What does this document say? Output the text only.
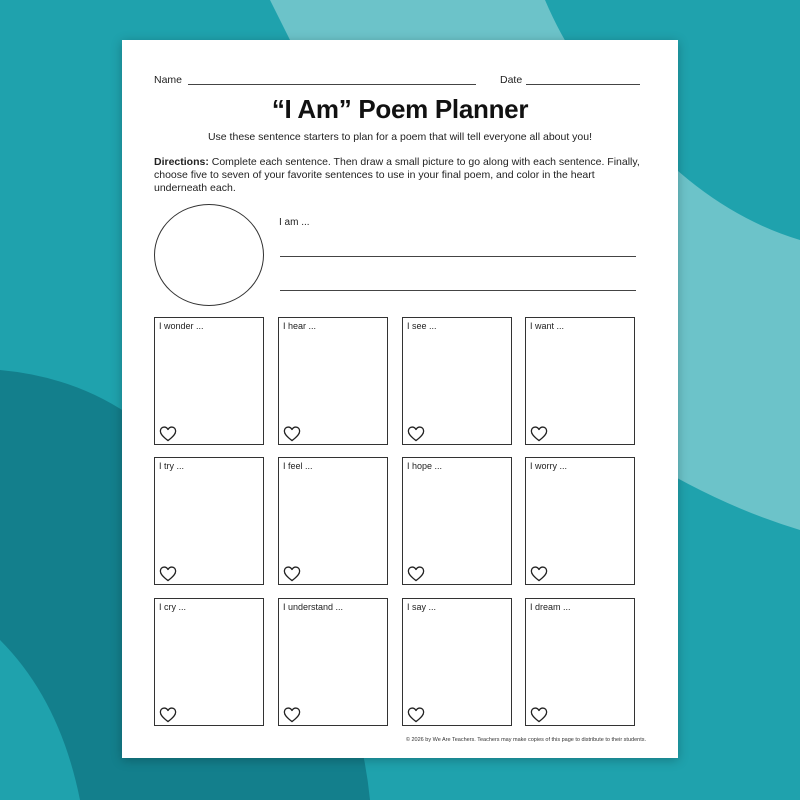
Name	Date
“I Am” Poem Planner
Use these sentence starters to plan for a poem that will tell everyone all about you!
Directions: Complete each sentence. Then draw a small picture to go along with each sentence. Finally, choose five to seven of your favorite sentences to use in your final poem, and color in the heart underneath each.
I am ...
I wonder ...	I hear ...	I see ...	I want ...
I try ...	I feel ...	I hope ...	I worry ...
I cry ...	I understand ...	I say ...	I dream ...
© 2026 by We Are Teachers. Teachers may make copies of this page to distribute to their students.
